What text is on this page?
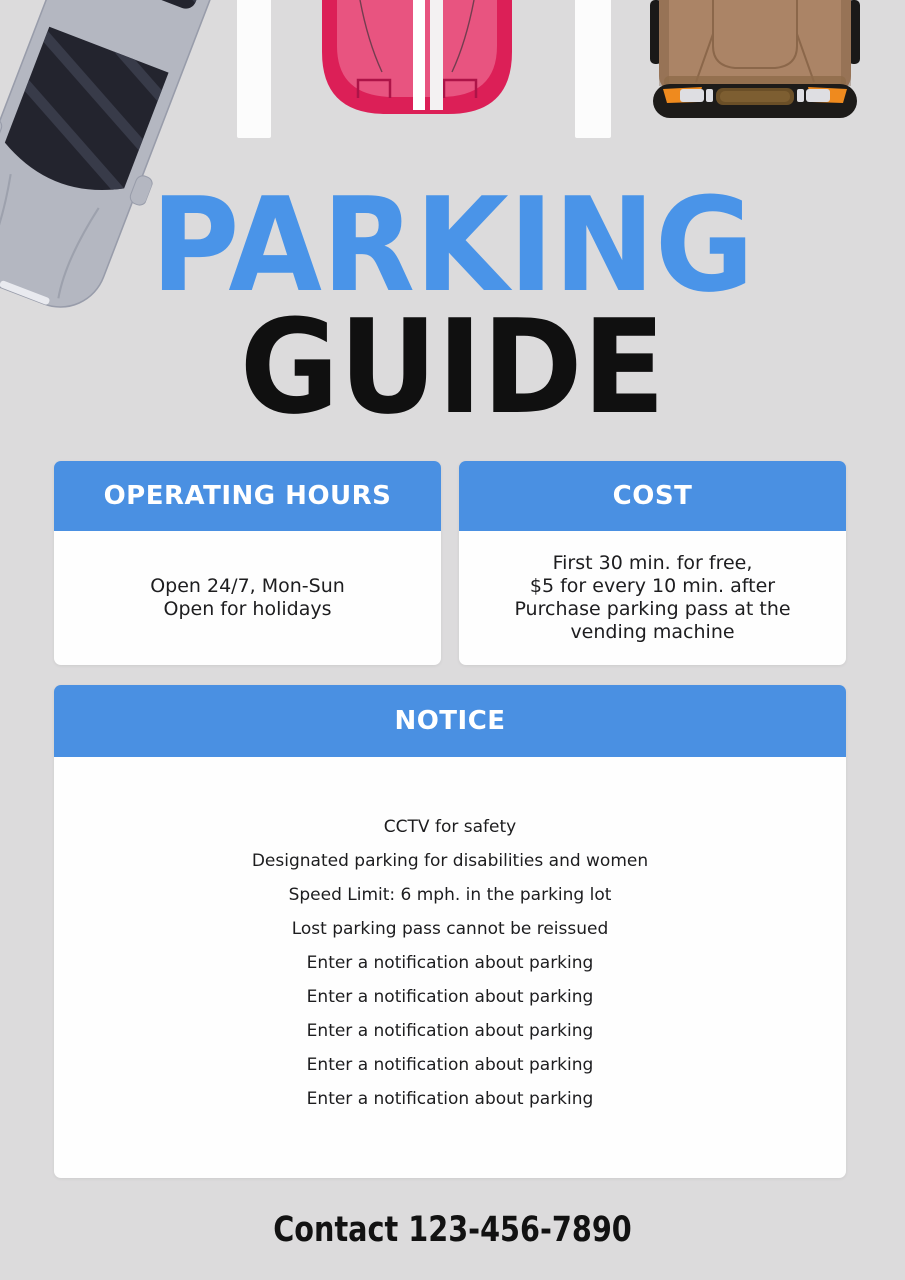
PARKING
GUIDE
OPERATING HOURS
Open 24/7, Mon-Sun
Open for holidays
COST
First 30 min. for free,
$5 for every 10 min. after
Purchase parking pass at the
vending machine
NOTICE
CCTV for safety
Designated parking for disabilities and women
Speed Limit: 6 mph. in the parking lot
Lost parking pass cannot be reissued
Enter a notification about parking
Enter a notification about parking
Enter a notification about parking
Enter a notification about parking
Enter a notification about parking
Contact 123-456-7890
